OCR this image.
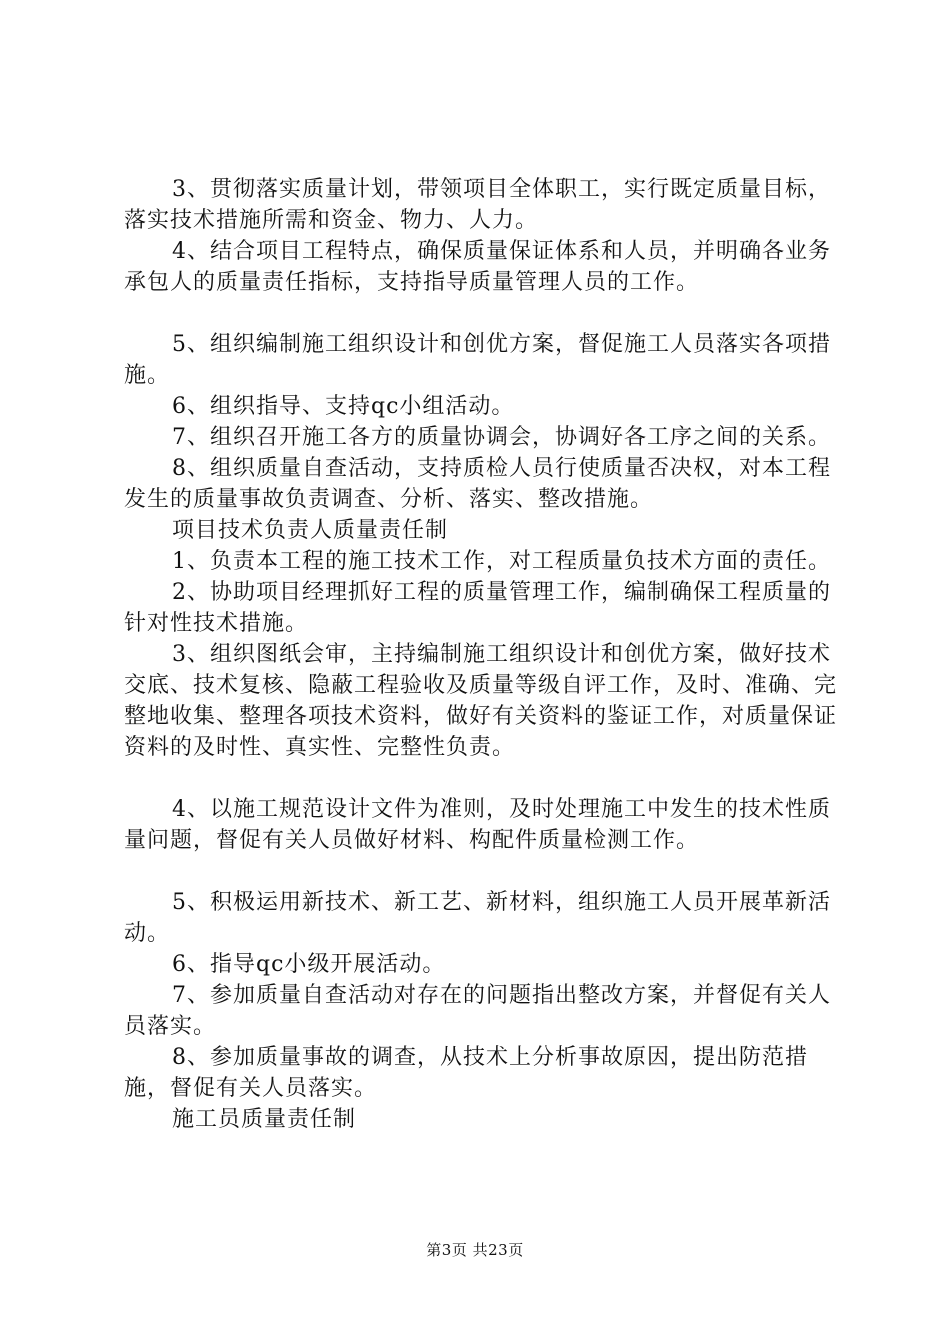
3、贯彻落实质量计划，带领项目全体职工，实行既定质量目标，落实技术措施所需和资金、物力、人力。

4、结合项目工程特点，确保质量保证体系和人员，并明确各业务承包人的质量责任指标，支持指导质量管理人员的工作。

5、组织编制施工组织设计和创优方案，督促施工人员落实各项措施。

6、组织指导、支持qc小组活动。

7、组织召开施工各方的质量协调会，协调好各工序之间的关系。

8、组织质量自查活动，支持质检人员行使质量否决权，对本工程发生的质量事故负责调查、分析、落实、整改措施。

项目技术负责人质量责任制

1、负责本工程的施工技术工作，对工程质量负技术方面的责任。

2、协助项目经理抓好工程的质量管理工作，编制确保工程质量的针对性技术措施。

3、组织图纸会审，主持编制施工组织设计和创优方案，做好技术交底、技术复核、隐蔽工程验收及质量等级自评工作，及时、准确、完整地收集、整理各项技术资料，做好有关资料的鉴证工作，对质量保证资料的及时性、真实性、完整性负责。

4、以施工规范设计文件为准则，及时处理施工中发生的技术性质量问题，督促有关人员做好材料、构配件质量检测工作。

5、积极运用新技术、新工艺、新材料，组织施工人员开展革新活动。

6、指导qc小级开展活动。

7、参加质量自查活动对存在的问题指出整改方案，并督促有关人员落实。

8、参加质量事故的调查，从技术上分析事故原因，提出防范措施，督促有关人员落实。

施工员质量责任制

第3页 共23页
